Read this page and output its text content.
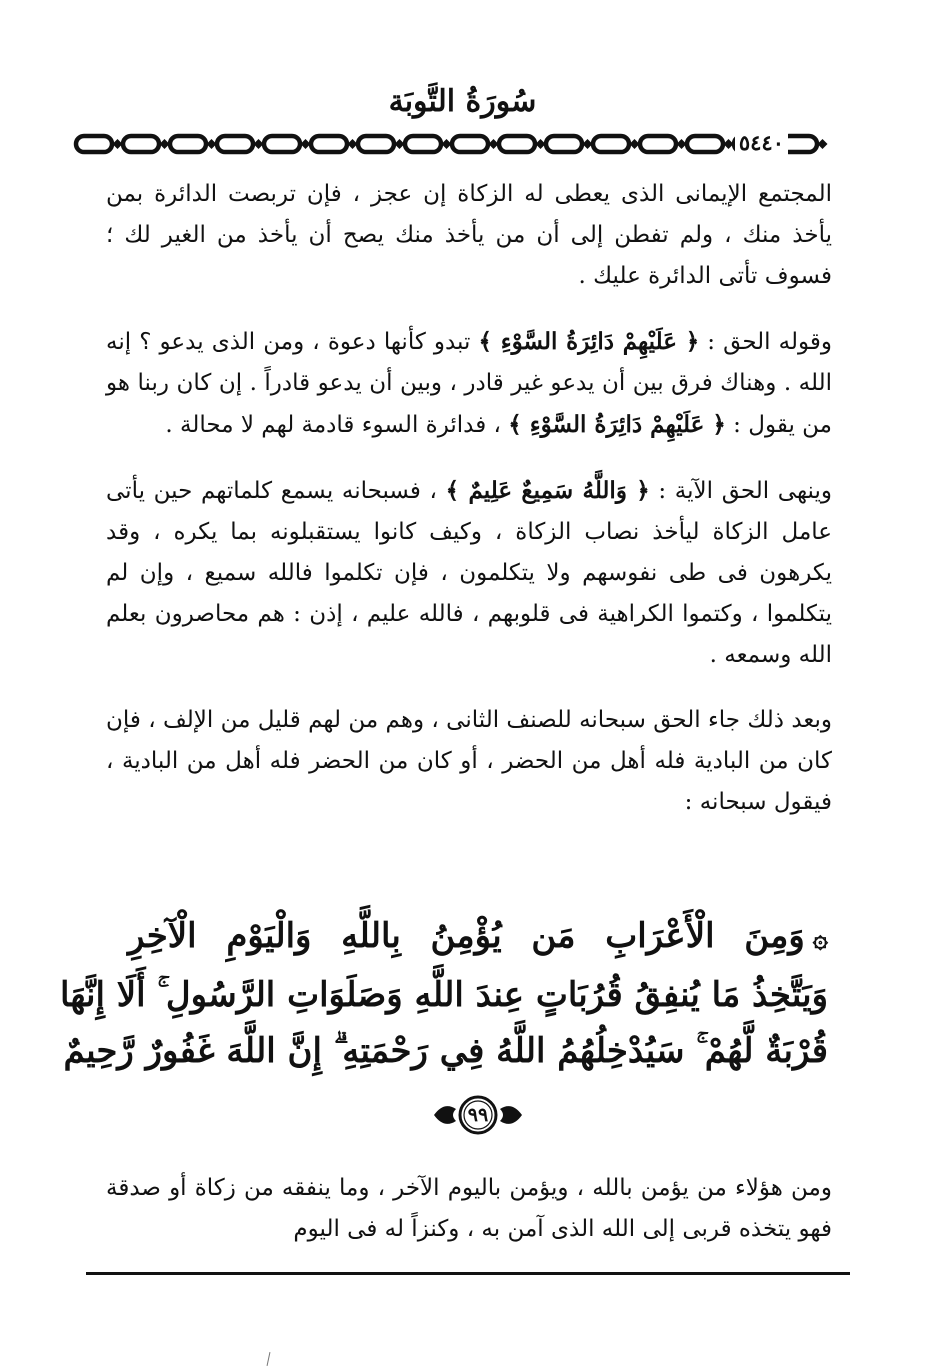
سُورَةُ التَّوبَة
٥٤٤٠

المجتمع الإيمانى الذى يعطى له الزكاة إن عجز ، فإن تربصت الدائرة بمن يأخذ منك ، ولم تفطن إلى أن من يأخذ منك يصح أن يأخذ من الغير لك ؛ فسوف تأتى الدائرة عليك .

وقوله الحق : ﴿ عَلَيْهِمْ دَائِرَةُ السَّوْءِ ﴾ تبدو كأنها دعوة ، ومن الذى يدعو ؟ إنه الله . وهناك فرق بين أن يدعو غير قادر ، وبين أن يدعو قادراً . إن كان ربنا هو من يقول : ﴿ عَلَيْهِمْ دَائِرَةُ السَّوْءِ ﴾ ، فدائرة السوء قادمة لهم لا محالة .

وينهى الحق الآية : ﴿ وَاللَّهُ سَمِيعٌ عَلِيمٌ ﴾ ، فسبحانه يسمع كلماتهم حين يأتى عامل الزكاة ليأخذ نصاب الزكاة ، وكيف كانوا يستقبلونه بما يكره ، وقد يكرهون فى طى نفوسهم ولا يتكلمون ، فإن تكلموا فالله سميع ، وإن لم يتكلموا ، وكتموا الكراهية فى قلوبهم ، فالله عليم ، إذن : هم محاصرون بعلم الله وسمعه .

وبعد ذلك جاء الحق سبحانه للصنف الثانى ، وهم من لهم قليل من الإلف ، فإن كان من البادية فله أهل من الحضر ، أو كان من الحضر فله أهل من البادية ، فيقول سبحانه :

۞وَمِنَ الْأَعْرَابِ مَن يُؤْمِنُ بِاللَّهِ وَالْيَوْمِ الْآخِرِ
وَيَتَّخِذُ مَا يُنفِقُ قُرُبَاتٍ عِندَ اللَّهِ وَصَلَوَاتِ الرَّسُولِ ۚ أَلَا إِنَّهَا
قُرْبَةٌ لَّهُمْ ۚ سَيُدْخِلُهُمُ اللَّهُ فِي رَحْمَتِهِ ۗ إِنَّ اللَّهَ غَفُورٌ رَّحِيمٌ
٩٩

ومن هؤلاء من يؤمن بالله ، ويؤمن باليوم الآخر ، وما ينفقه من زكاة أو صدقة فهو يتخذه قربى إلى الله الذى آمن به ، وكنزاً له فى اليوم
